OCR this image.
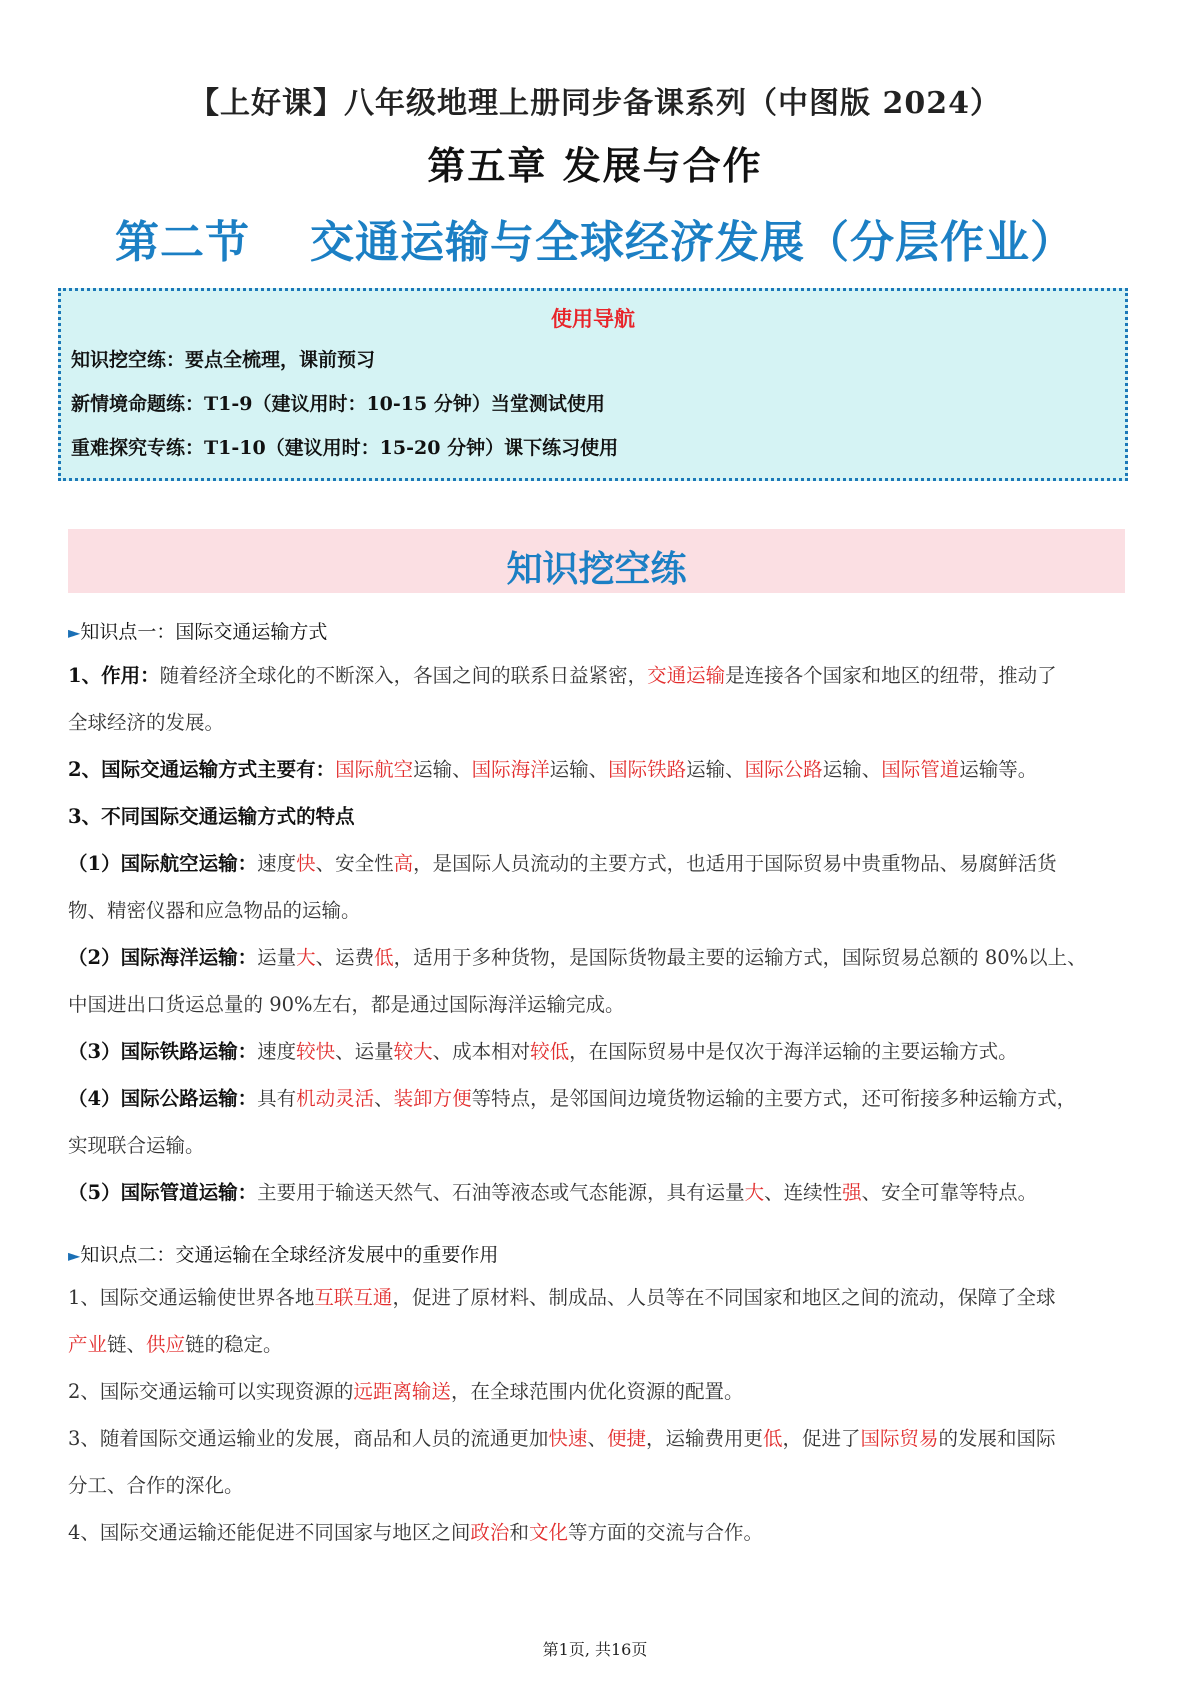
【上好课】八年级地理上册同步备课系列（中图版 2024）
第五章 发展与合作
第二节 交通运输与全球经济发展（分层作业）
使用导航
知识挖空练：要点全梳理，课前预习
新情境命题练：T1-9（建议用时：10-15 分钟）当堂测试使用
重难探究专练：T1-10（建议用时：15-20 分钟）课下练习使用
知识挖空练
►知识点一：国际交通运输方式
1、作用：随着经济全球化的不断深入，各国之间的联系日益紧密，交通运输是连接各个国家和地区的纽带，推动了
全球经济的发展。
2、国际交通运输方式主要有：国际航空运输、国际海洋运输、国际铁路运输、国际公路运输、国际管道运输等。
3、不同国际交通运输方式的特点
（1）国际航空运输：速度快、安全性高，是国际人员流动的主要方式，也适用于国际贸易中贵重物品、易腐鲜活货
物、精密仪器和应急物品的运输。
（2）国际海洋运输：运量大、运费低，适用于多种货物，是国际货物最主要的运输方式，国际贸易总额的 80%以上、
中国进出口货运总量的 90%左右，都是通过国际海洋运输完成。
（3）国际铁路运输：速度较快、运量较大、成本相对较低，在国际贸易中是仅次于海洋运输的主要运输方式。
（4）国际公路运输：具有机动灵活、装卸方便等特点，是邻国间边境货物运输的主要方式，还可衔接多种运输方式，
实现联合运输。
（5）国际管道运输：主要用于输送天然气、石油等液态或气态能源，具有运量大、连续性强、安全可靠等特点。
►知识点二：交通运输在全球经济发展中的重要作用
1、国际交通运输使世界各地互联互通，促进了原材料、制成品、人员等在不同国家和地区之间的流动，保障了全球
产业链、供应链的稳定。
2、国际交通运输可以实现资源的远距离输送，在全球范围内优化资源的配置。
3、随着国际交通运输业的发展，商品和人员的流通更加快速、便捷，运输费用更低，促进了国际贸易的发展和国际
分工、合作的深化。
4、国际交通运输还能促进不同国家与地区之间政治和文化等方面的交流与合作。
第1页, 共16页
